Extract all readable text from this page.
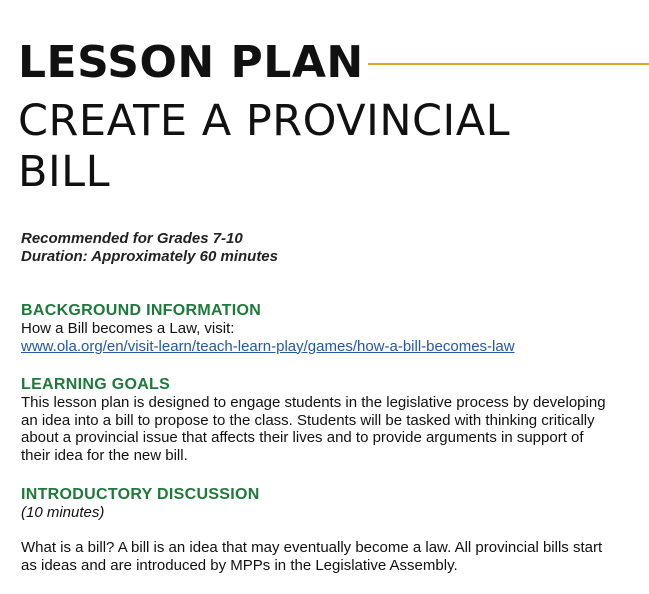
LESSON PLAN
CREATE A PROVINCIAL BILL
Recommended for Grades 7-10
Duration: Approximately 60 minutes
BACKGROUND INFORMATION
How a Bill becomes a Law, visit:
www.ola.org/en/visit-learn/teach-learn-play/games/how-a-bill-becomes-law
LEARNING GOALS
This lesson plan is designed to engage students in the legislative process by developing an idea into a bill to propose to the class. Students will be tasked with thinking critically about a provincial issue that affects their lives and to provide arguments in support of their idea for the new bill.
INTRODUCTORY DISCUSSION
(10 minutes)
What is a bill? A bill is an idea that may eventually become a law. All provincial bills start as ideas and are introduced by MPPs in the Legislative Assembly.
